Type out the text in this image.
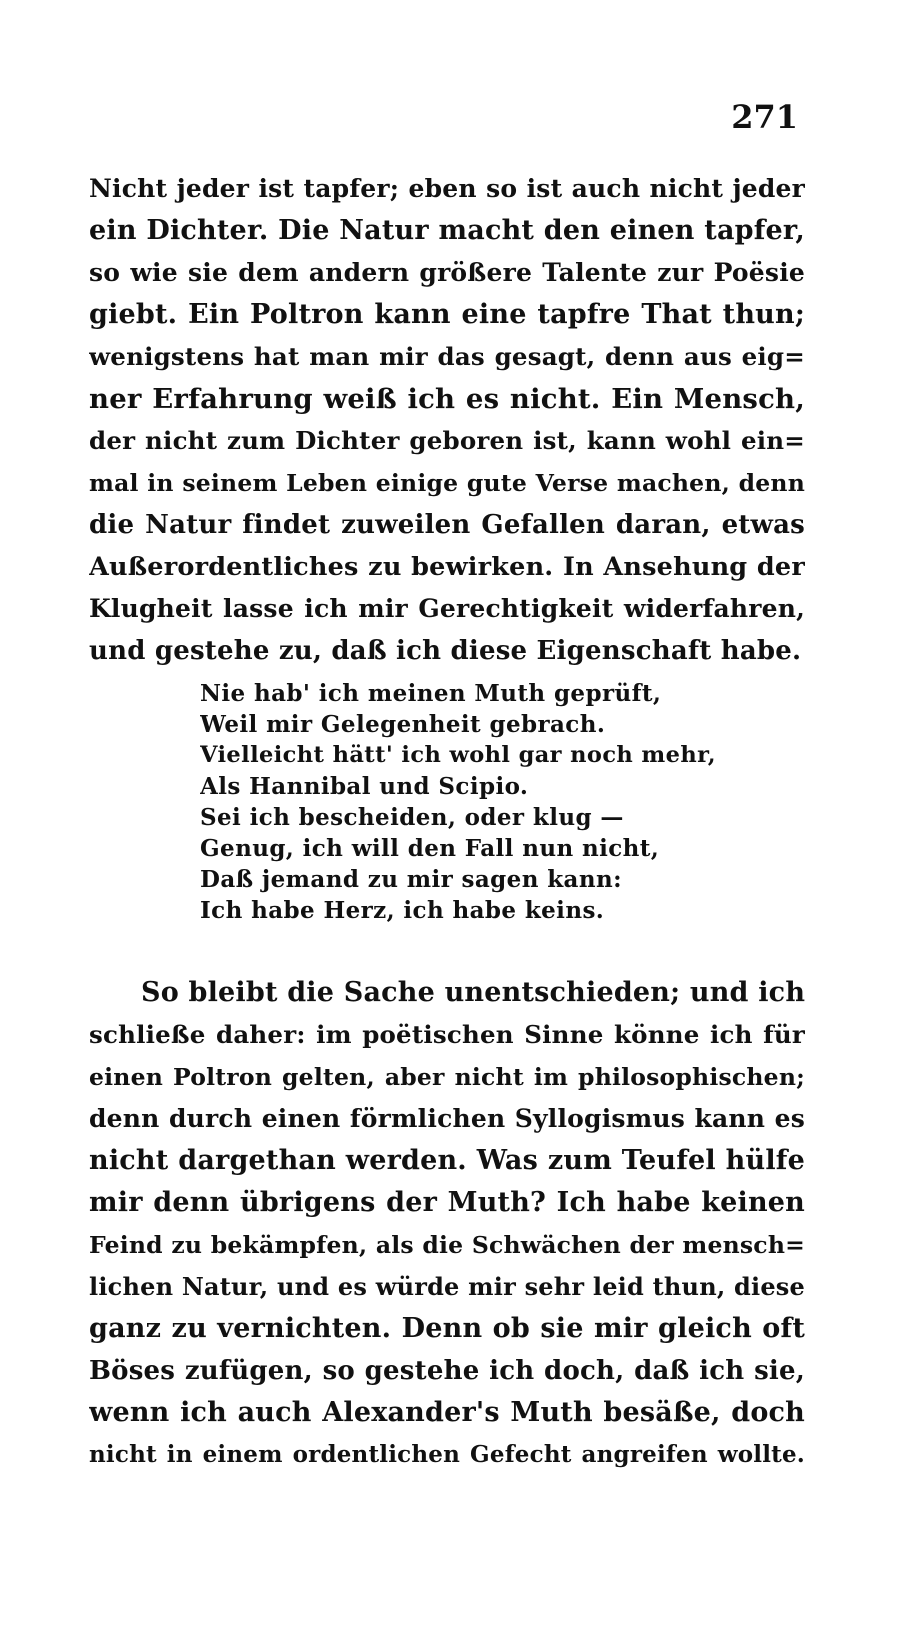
271
Nicht jeder ist tapfer; eben so ist auch nicht jeder
ein Dichter. Die Natur macht den einen tapfer,
so wie sie dem andern größere Talente zur Poësie
giebt. Ein Poltron kann eine tapfre That thun;
wenigstens hat man mir das gesagt, denn aus eig=
ner Erfahrung weiß ich es nicht. Ein Mensch,
der nicht zum Dichter geboren ist, kann wohl ein=
mal in seinem Leben einige gute Verse machen, denn
die Natur findet zuweilen Gefallen daran, etwas
Außerordentliches zu bewirken. In Ansehung der
Klugheit lasse ich mir Gerechtigkeit widerfahren,
und gestehe zu, daß ich diese Eigenschaft habe.
Nie hab' ich meinen Muth geprüft,
Weil mir Gelegenheit gebrach.
Vielleicht hätt' ich wohl gar noch mehr,
Als Hannibal und Scipio.
Sei ich bescheiden, oder klug —
Genug, ich will den Fall nun nicht,
Daß jemand zu mir sagen kann:
Ich habe Herz, ich habe keins.
So bleibt die Sache unentschieden; und ich
schließe daher: im poëtischen Sinne könne ich für
einen Poltron gelten, aber nicht im philosophischen;
denn durch einen förmlichen Syllogismus kann es
nicht dargethan werden. Was zum Teufel hülfe
mir denn übrigens der Muth? Ich habe keinen
Feind zu bekämpfen, als die Schwächen der mensch=
lichen Natur, und es würde mir sehr leid thun, diese
ganz zu vernichten. Denn ob sie mir gleich oft
Böses zufügen, so gestehe ich doch, daß ich sie,
wenn ich auch Alexander's Muth besäße, doch
nicht in einem ordentlichen Gefecht angreifen wollte.
